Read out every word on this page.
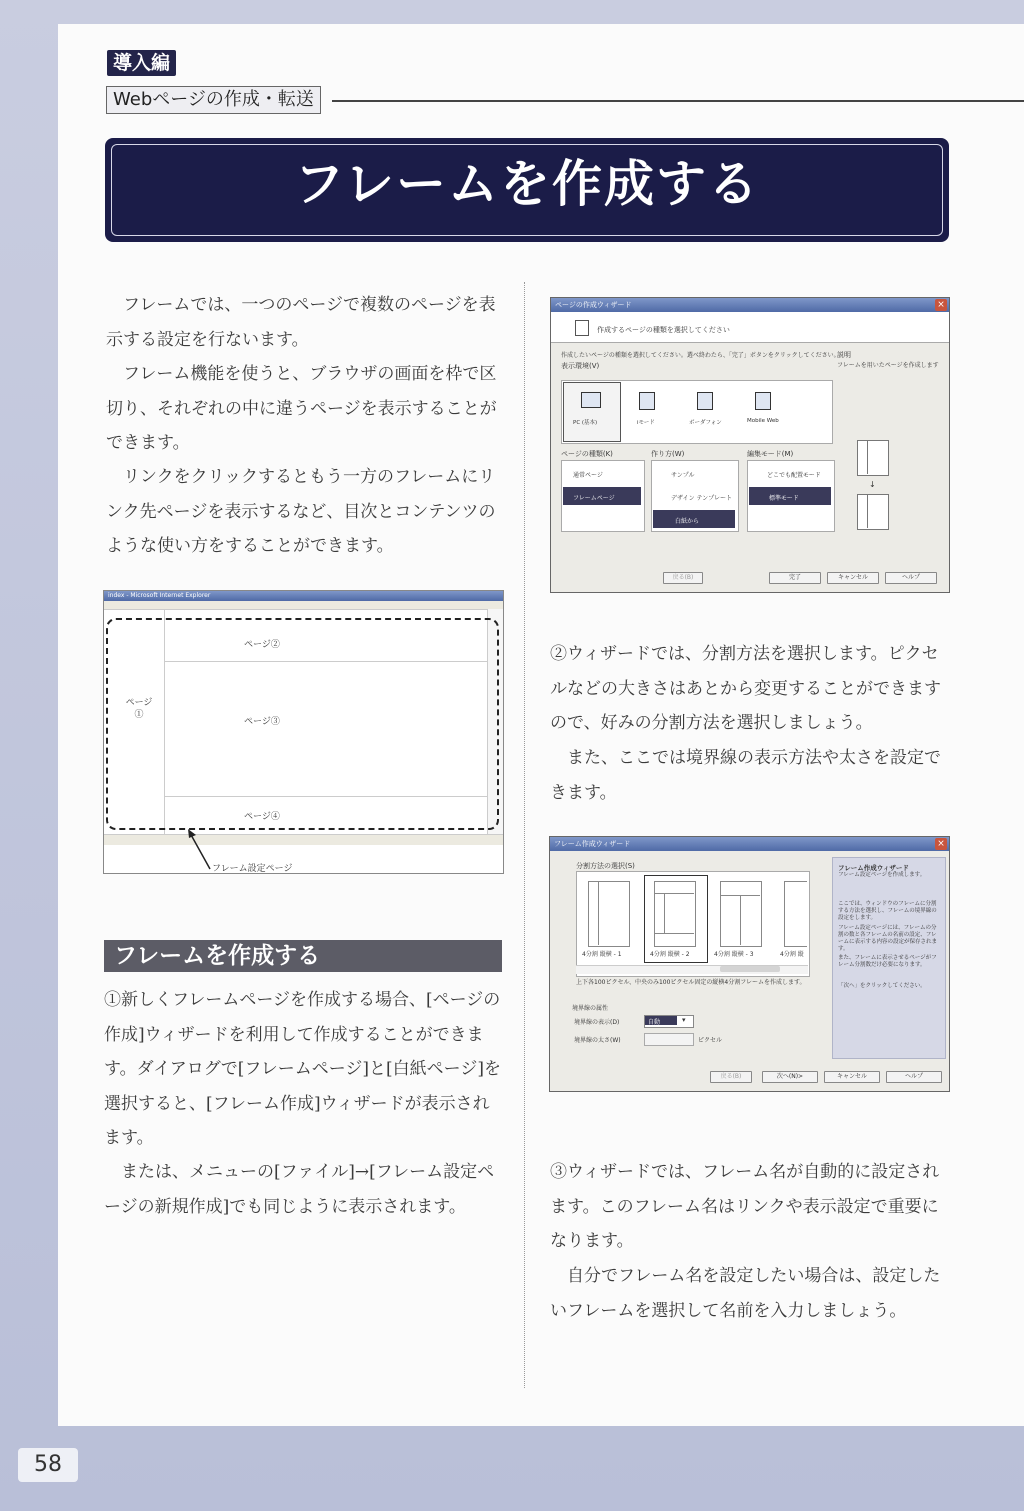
導入編
Webページの作成・転送
フレームを作成する

フレームでは、一つのページで複数のページを表示する設定を行ないます。

フレーム機能を使うと、ブラウザの画面を枠で区切り、それぞれの中に違うページを表示することができます。

リンクをクリックするともう一方のフレームにリンク先ページを表示するなど、目次とコンテンツのような使い方をすることができます。

index - Microsoft Internet Explorer
ページ②
ページ①
ページ③
ページ④
フレーム設定ページ
フレームを作成する

①新しくフレームページを作成する場合、[ページの作成]ウィザードを利用して作成することができます。ダイアログで[フレームページ]と[白紙ページ]を選択すると、[フレーム作成]ウィザードが表示されます。

または、メニューの[ファイル]→[フレーム設定ページの新規作成]でも同じように表示されます。

ページの作成ウィザード	×
作成するページの種類を選択してください
作成したいページの種類を選択してください。選べ終わたら、「完了」ボタンをクリックしてください。
表示環境(V)
説明
フレームを用いたページを作成します
PC (基本)	iモード	ボーダフォン	Mobile Web
ページの種類(K)	作り方(W)	編集モード(M)
通常ページ
フレームページ
サンプル
デザイン テンプレート
白紙から
どこでも配置モード
標準モード
↓
戻る(B)	完了	キャンセル	ヘルプ

②ウィザードでは、分割方法を選択します。ピクセルなどの大きさはあとから変更することができますので、好みの分割方法を選択しましょう。

また、ここでは境界線の表示方法や太さを設定できます。

フレーム作成ウィザード	×
分割方法の選択(S)
4分割 縦横 - 1	4分割 縦横 - 2	4分割 縦横 - 3	4分割 縦
上下各100ピクセル、中央のみ100ピクセル固定の縦横4分割フレームを作成します。
境界線の属性
境界線の表示(D)	自動	▾
境界線の太さ(W)	ピクセル
フレーム作成ウィザード
フレーム設定ページを作成します。
ここでは、ウィンドウのフレームに分割する方法を選択し、フレームの境界線の設定をします。
フレーム設定ページには、フレームの分割の数と各フレームの名前の設定、フレームに表示する内容の設定が保存されます。
また、フレームに表示させるページがフレーム分割数だけ必要になります。
「次へ」をクリックしてください。
戻る(B)	次へ(N)>	キャンセル	ヘルプ

③ウィザードでは、フレーム名が自動的に設定されます。このフレーム名はリンクや表示設定で重要になります。

自分でフレーム名を設定したい場合は、設定したいフレームを選択して名前を入力しましょう。

58
